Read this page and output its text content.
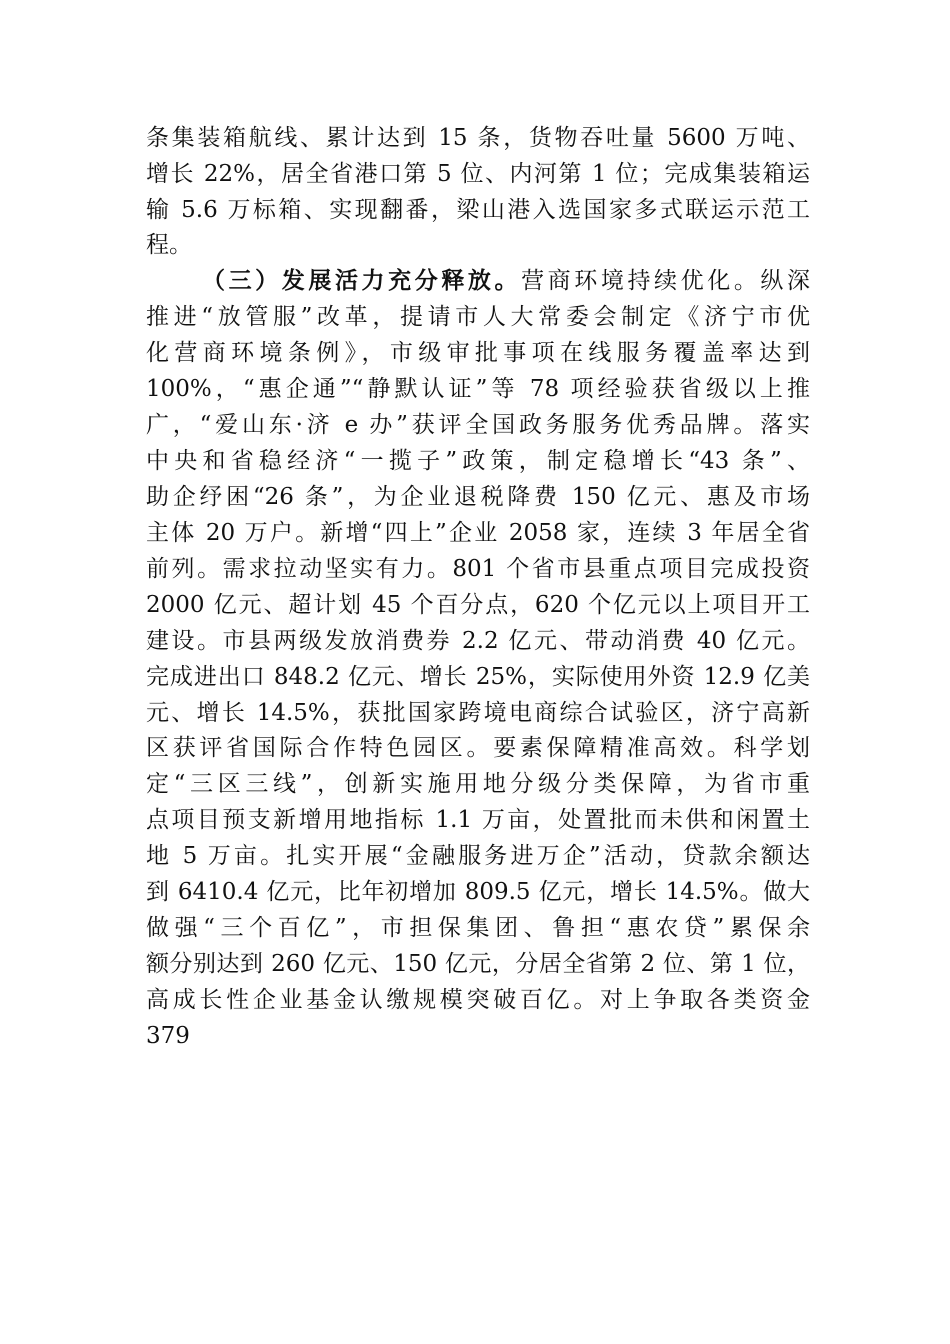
条集装箱航线、累计达到 15 条，货物吞吐量 5600 万吨、
增长 22%，居全省港口第 5 位、内河第 1 位；完成集装箱运
输 5.6 万标箱、实现翻番，梁山港入选国家多式联运示范工
程。
（三）发展活力充分释放。营商环境持续优化。纵深
推进“放管服”改革，提请市人大常委会制定《济宁市优
化营商环境条例》，市级审批事项在线服务覆盖率达到
100%，“惠企通”“静默认证”等 78 项经验获省级以上推
广，“爱山东·济 e 办”获评全国政务服务优秀品牌。落实
中央和省稳经济“一揽子”政策，制定稳增长“43 条”、
助企纾困“26 条”，为企业退税降费 150 亿元、惠及市场
主体 20 万户。新增“四上”企业 2058 家，连续 3 年居全省
前列。需求拉动坚实有力。801 个省市县重点项目完成投资
2000 亿元、超计划 45 个百分点，620 个亿元以上项目开工
建设。市县两级发放消费券 2.2 亿元、带动消费 40 亿元。
完成进出口 848.2 亿元、增长 25%，实际使用外资 12.9 亿美
元、增长 14.5%，获批国家跨境电商综合试验区，济宁高新
区获评省国际合作特色园区。要素保障精准高效。科学划
定“三区三线”，创新实施用地分级分类保障，为省市重
点项目预支新增用地指标 1.1 万亩，处置批而未供和闲置土
地 5 万亩。扎实开展“金融服务进万企”活动，贷款余额达
到 6410.4 亿元，比年初增加 809.5 亿元，增长 14.5%。做大
做强“三个百亿”，市担保集团、鲁担“惠农贷”累保余
额分别达到 260 亿元、150 亿元，分居全省第 2 位、第 1 位，
高成长性企业基金认缴规模突破百亿。对上争取各类资金
379
